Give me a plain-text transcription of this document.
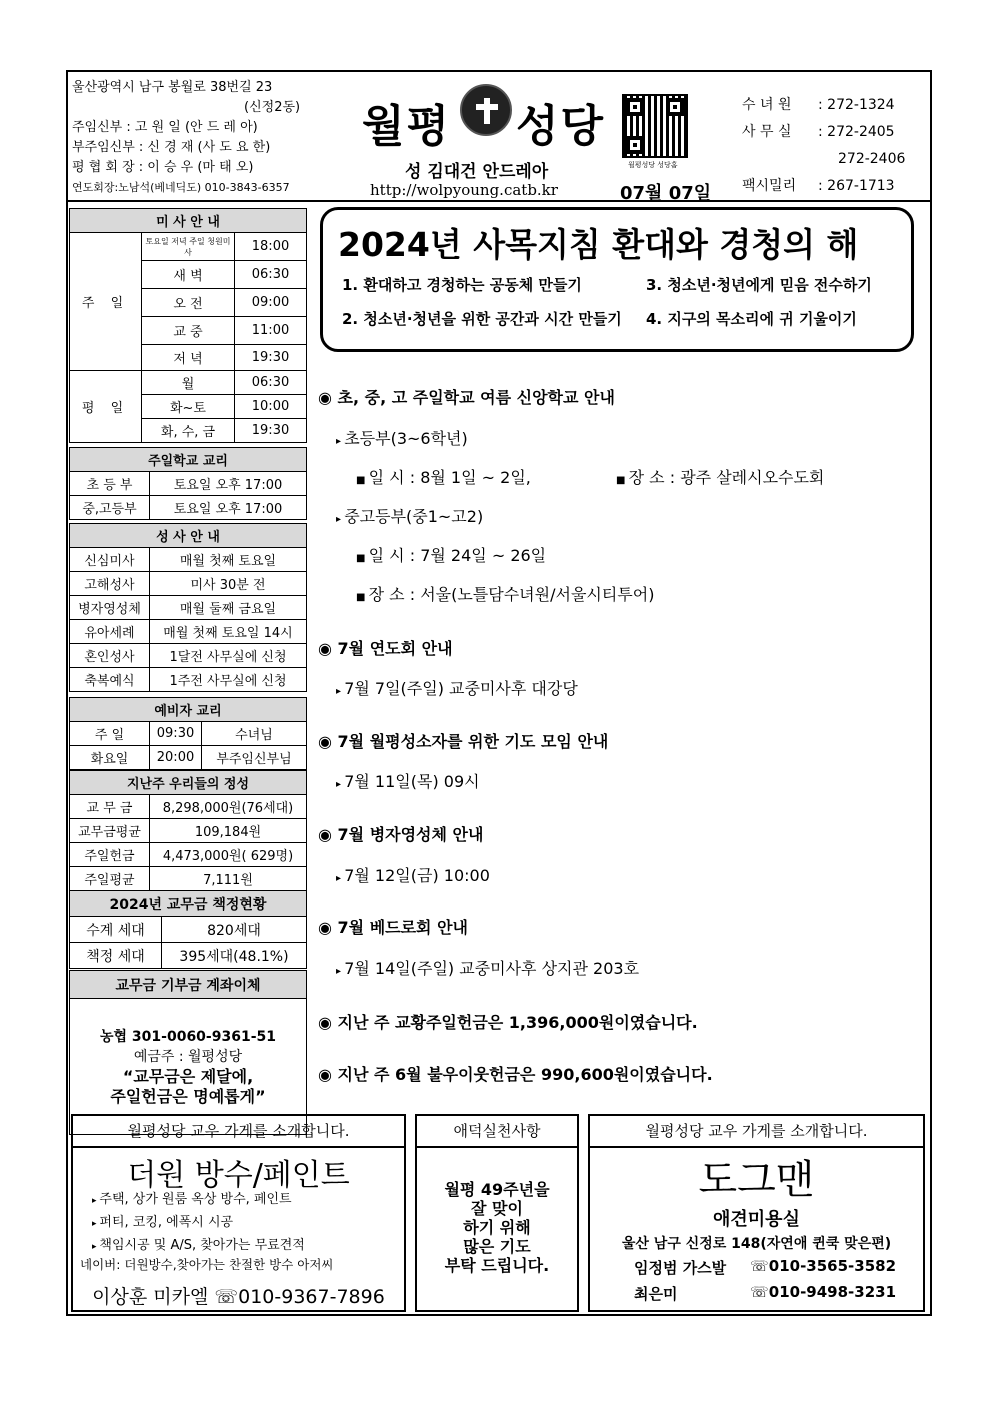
울산광역시 남구 봉월로 38번길 23
(신정2동)
주임신부 : 고 원 일 (안 드 레 아)
부주임신부 : 신 경 재 (사 도 요 한)
평 협 회 장 : 이 승 우 (마 태 오)
연도회장:노남석(베네딕도) 010-3843-6357
월평 성당
성 김대건 안드레아
http://wolpyoung.catb.kr	07월 07일
월평성당 성당홈
수 녀 원	: 272-1324
사 무 실	: 272-2405
272-2406
팩시밀리	: 267-1713
미 사 안 내		
주 일	토요일 저녁 주일 청원미사	18:00
	새 벽	06:30
	오 전	09:00
	교 중	11:00
	저 녁	19:30
평 일	월	06:30
	화~토	10:00
	화, 수, 금	19:30
주일학교 교리	
초 등 부	토요일 오후 17:00
중,고등부	토요일 오후 17:00
성 사 안 내	
신심미사	매월 첫째 토요일
고해성사	미사 30분 전
병자영성체	매월 둘째 금요일
유아세례	매월 첫째 토요일 14시
혼인성사	1달전 사무실에 신청
축복예식	1주전 사무실에 신청
예비자 교리		
주 일	09:30	수녀님
화요일	20:00	부주임신부님
지난주 우리들의 정성	
교 무 금	8,298,000원(76세대)
교무금평균	109,184원
주일헌금	4,473,000원( 629명)
주일평균	7,111원
2024년 교무금 책정현황	
수계 세대	820세대
책정 세대	395세대(48.1%)
교무금 기부금 계좌이체

농협 301-0060-9361-51
예금주 : 월평성당
“교무금은 제달에,
주일헌금은 명예롭게”
2024년 사목지침 환대와 경청의 해
1. 환대하고 경청하는 공동체 만들기
2. 청소년·청년을 위한 공간과 시간 만들기
3. 청소년·청년에게 믿음 전수하기
4. 지구의 목소리에 귀 기울이기
◉ 초, 중, 고 주일학교 여름 신앙학교 안내
▸ 초등부(3~6학년)
■ 일 시 : 8월 1일 ~ 2일,	■ 장 소 : 광주 살레시오수도회
▸ 중고등부(중1~고2)
■ 일 시 : 7월 24일 ~ 26일
■ 장 소 : 서울(노틀담수녀원/서울시티투어)
◉ 7월 연도회 안내
▸ 7월 7일(주일) 교중미사후 대강당
◉ 7월 월평성소자를 위한 기도 모임 안내
▸ 7월 11일(목) 09시
◉ 7월 병자영성체 안내
▸ 7월 12일(금) 10:00
◉ 7월 베드로회 안내
▸ 7월 14일(주일) 교중미사후 상지관 203호
◉ 지난 주 교황주일헌금은 1,396,000원이였습니다.
◉ 지난 주 6월 불우이웃헌금은 990,600원이였습니다.
월평성당 교우 가게를 소개합니다.
더원 방수/페인트
▸ 주택, 상가 원룸 옥상 방수, 페인트
▸ 퍼티, 코킹, 에폭시 시공
▸ 책임시공 및 A/S, 찾아가는 무료견적
네이버: 더원방수,찾아가는 찬절한 방수 아저씨
이상훈 미카엘 ☏010-9367-7896
애덕실천사항
월평 49주년을
잘 맞이
하기 위해
많은 기도
부탁 드립니다.
월평성당 교우 가게를 소개합니다.
도그맨
애견미용실
울산 남구 신정로 148(자연애 퀸쿡 맞은편)
임정범 가스발 ☏010-3565-3582
최은미	☏010-9498-3231
